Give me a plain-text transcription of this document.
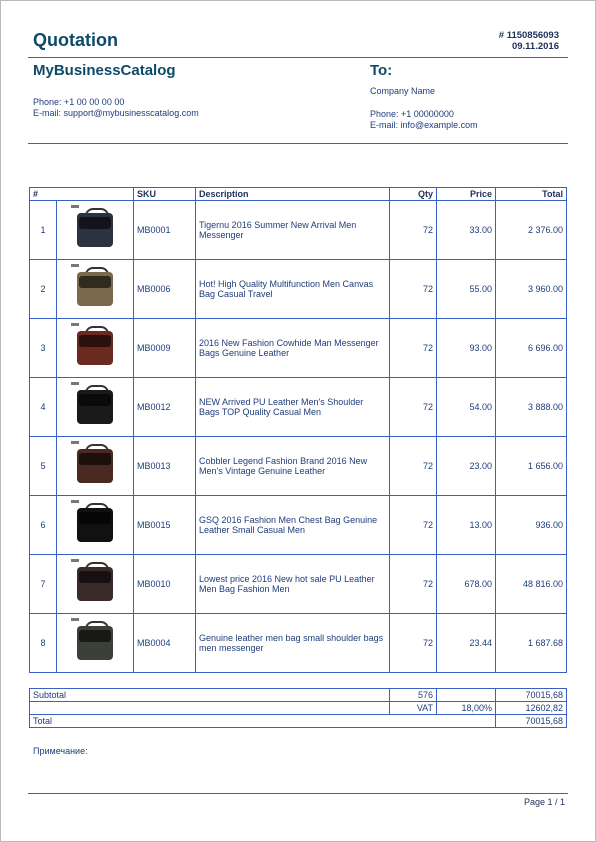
Quotation	# 1150856093
09.11.2016
MyBusinessCatalog
Phone: +1 00 00 00 00
E-mail: support@mybusinesscatalog.com
To:
Company Name
Phone: +1 00000000
E-mail: info@example.com
#		SKU	Description	Qty	Price	Total
1		MB0001	Tigernu 2016 Summer New Arrival Men Messenger	72	33.00	2 376.00
2		MB0006	Hot! High Quality Multifunction Men Canvas Bag Casual Travel	72	55.00	3 960.00
3		MB0009	2016 New Fashion Cowhide Man Messenger Bags Genuine Leather	72	93.00	6 696.00
4		MB0012	NEW Arrived PU Leather Men's Shoulder Bags TOP Quality Casual Men	72	54.00	3 888.00
5		MB0013	Cobbler Legend Fashion Brand 2016 New Men's Vintage Genuine Leather	72	23.00	1 656.00
6		MB0015	GSQ 2016 Fashion Men Chest Bag Genuine Leather Small Casual Men	72	13.00	936.00
7		MB0010	Lowest price 2016 New hot sale PU Leather Men Bag Fashion Men	72	678.00	48 816.00
8		MB0004	Genuine leather men bag small shoulder bags men messenger	72	23.44	1 687.68
Subtotal	576		70015,68
	VAT	18,00%	12602,82
Total			70015,68
Примечание:
Page 1 / 1
